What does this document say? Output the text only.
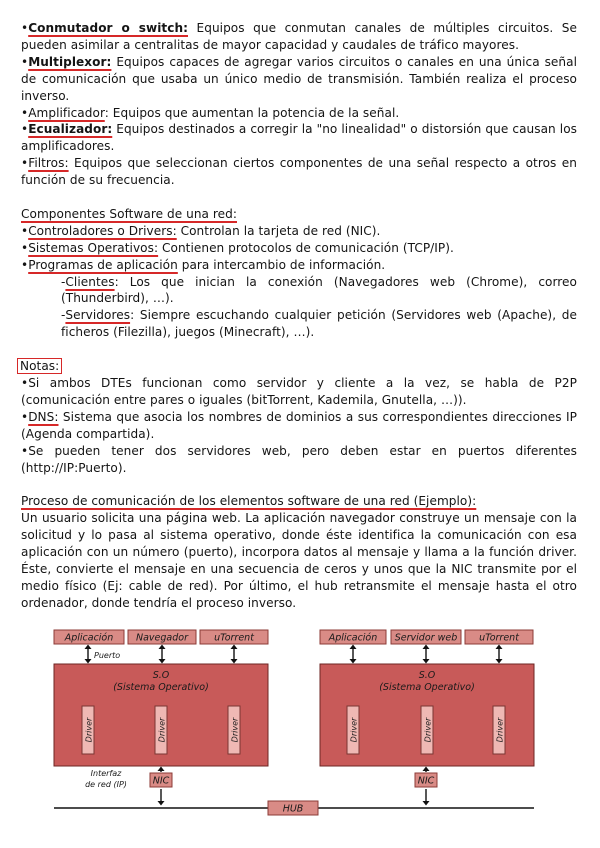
•Conmutador o switch: Equipos que conmutan canales de múltiples circuitos. Se pueden asimilar a centralitas de mayor capacidad y caudales de tráfico mayores.

•Multiplexor: Equipos capaces de agregar varios circuitos o canales en una única señal de comunicación que usaba un único medio de transmisión. También realiza el proceso inverso.

•Amplificador: Equipos que aumentan la potencia de la señal.

•Ecualizador: Equipos destinados a corregir la "no linealidad" o distorsión que causan los amplificadores.

•Filtros: Equipos que seleccionan ciertos componentes de una señal respecto a otros en función de su frecuencia.

Componentes Software de una red:

•Controladores o Drivers: Controlan la tarjeta de red (NIC).

•Sistemas Operativos: Contienen protocolos de comunicación (TCP/IP).

•Programas de aplicación para intercambio de información.

-Clientes: Los que inician la conexión (Navegadores web (Chrome), correo (Thunderbird), …).

-Servidores: Siempre escuchando cualquier petición (Servidores web (Apache), de ficheros (Filezilla), juegos (Minecraft), …).

Notas:

•Si ambos DTEs funcionan como servidor y cliente a la vez, se habla de P2P (comunicación entre pares o iguales (bitTorrent, Kademila, Gnutella, …)).

•DNS: Sistema que asocia los nombres de dominios a sus correspondientes direcciones IP (Agenda compartida).

•Se pueden tener dos servidores web, pero deben estar en puertos diferentes (http://IP:Puerto).

Proceso de comunicación de los elementos software de una red (Ejemplo):

Un usuario solicita una página web. La aplicación navegador construye un mensaje con la solicitud y lo pasa al sistema operativo, donde éste identifica la comunicación con esa aplicación con un número (puerto), incorpora datos al mensaje y llama a la función driver. Éste, convierte el mensaje en una secuencia de ceros y unos que la NIC transmite por el medio físico (Ej: cable de red). Por último, el hub retransmite el mensaje hasta el otro ordenador, donde tendría el proceso inverso.

Aplicación Navegador	uTorrent
Puerto
S.O
(Sistema Operativo)
Driver	Driver	Driver
NIC
Interfaz
de red (IP)
Aplicación Servidor web uTorrent
S.O
(Sistema Operativo)
Driver	Driver	Driver
NIC
HUB
